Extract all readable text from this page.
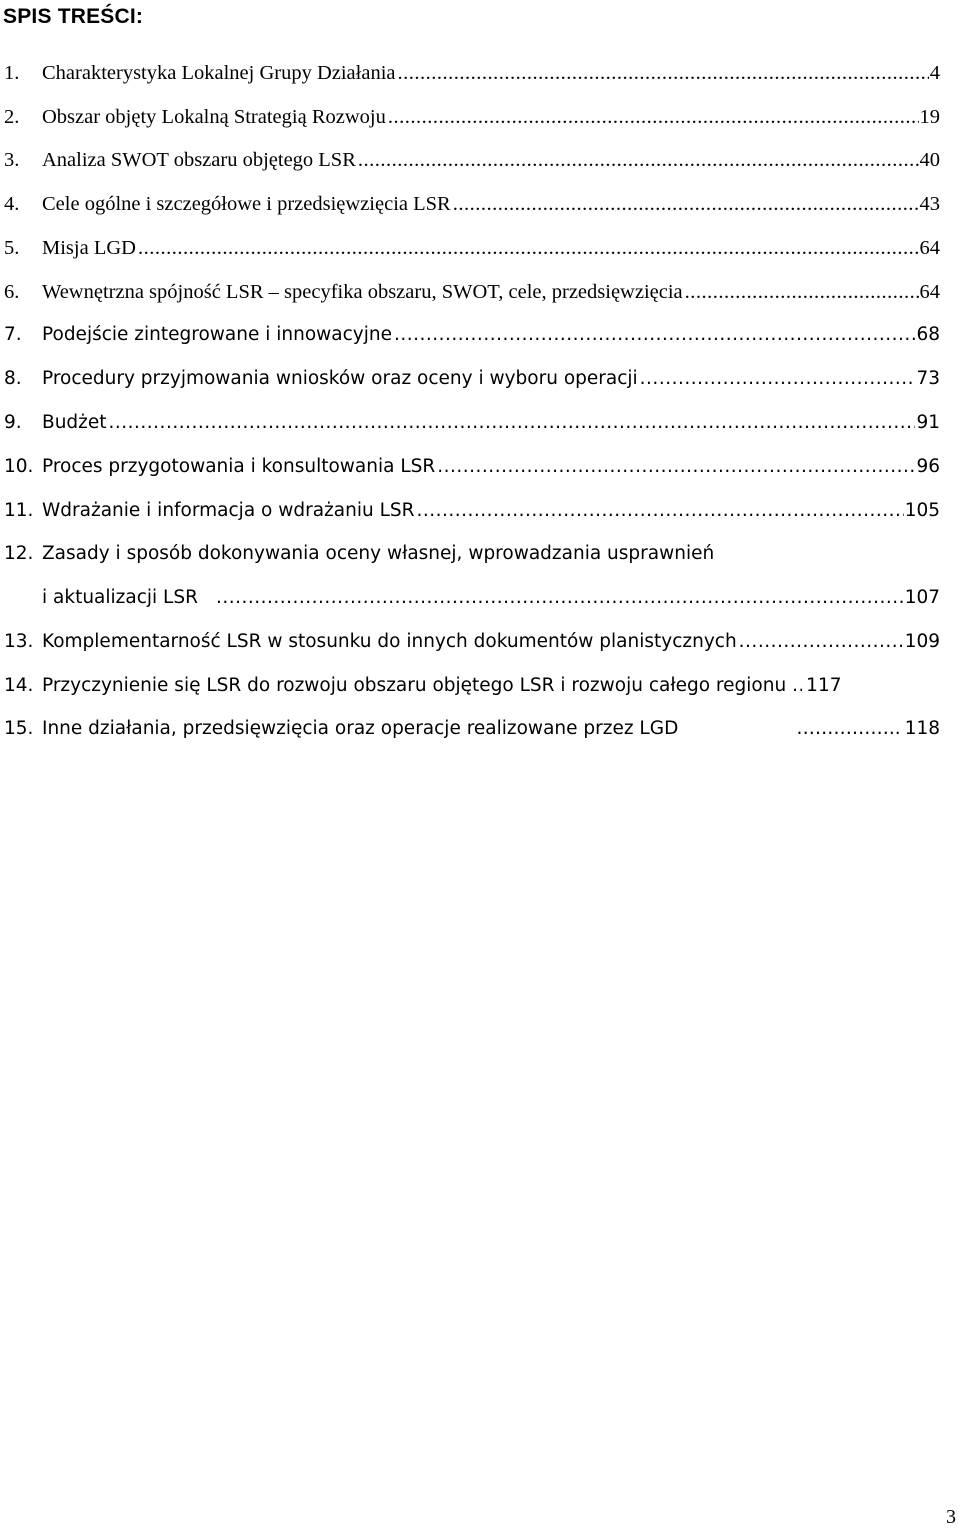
SPIS TREŚCI:
1.	Charakterystyka Lokalnej Grupy Działania .....	4
2.	Obszar objęty Lokalną Strategią Rozwoju .....	19
3.	Analiza SWOT obszaru objętego LSR .....	40
4.	Cele ogólne i szczegółowe i przedsięwzięcia LSR .....	43
5.	Misja LGD .....	64
6.	Wewnętrzna spójność LSR – specyfika obszaru, SWOT, cele, przedsięwzięcia .....	64
7.	Podejście zintegrowane i innowacyjne .....	68
8.	Procedury przyjmowania wniosków oraz oceny i wyboru operacji .....	73
9.	Budżet .....	91
10. Proces przygotowania i konsultowania LSR .....	96
11. Wdrażanie i informacja o wdrażaniu LSR .....	105
12. Zasady i sposób dokonywania oceny własnej, wprowadzania usprawnień
i aktualizacji LSR .....	107
13. Komplementarność LSR w stosunku do innych dokumentów planistycznych .....	109
14. Przyczynienie się LSR do rozwoju obszaru objętego LSR i rozwoju całego regionu ..... 117
15. Inne działania, przedsięwzięcia oraz operacje realizowane przez LGD	…………….. 118
3
